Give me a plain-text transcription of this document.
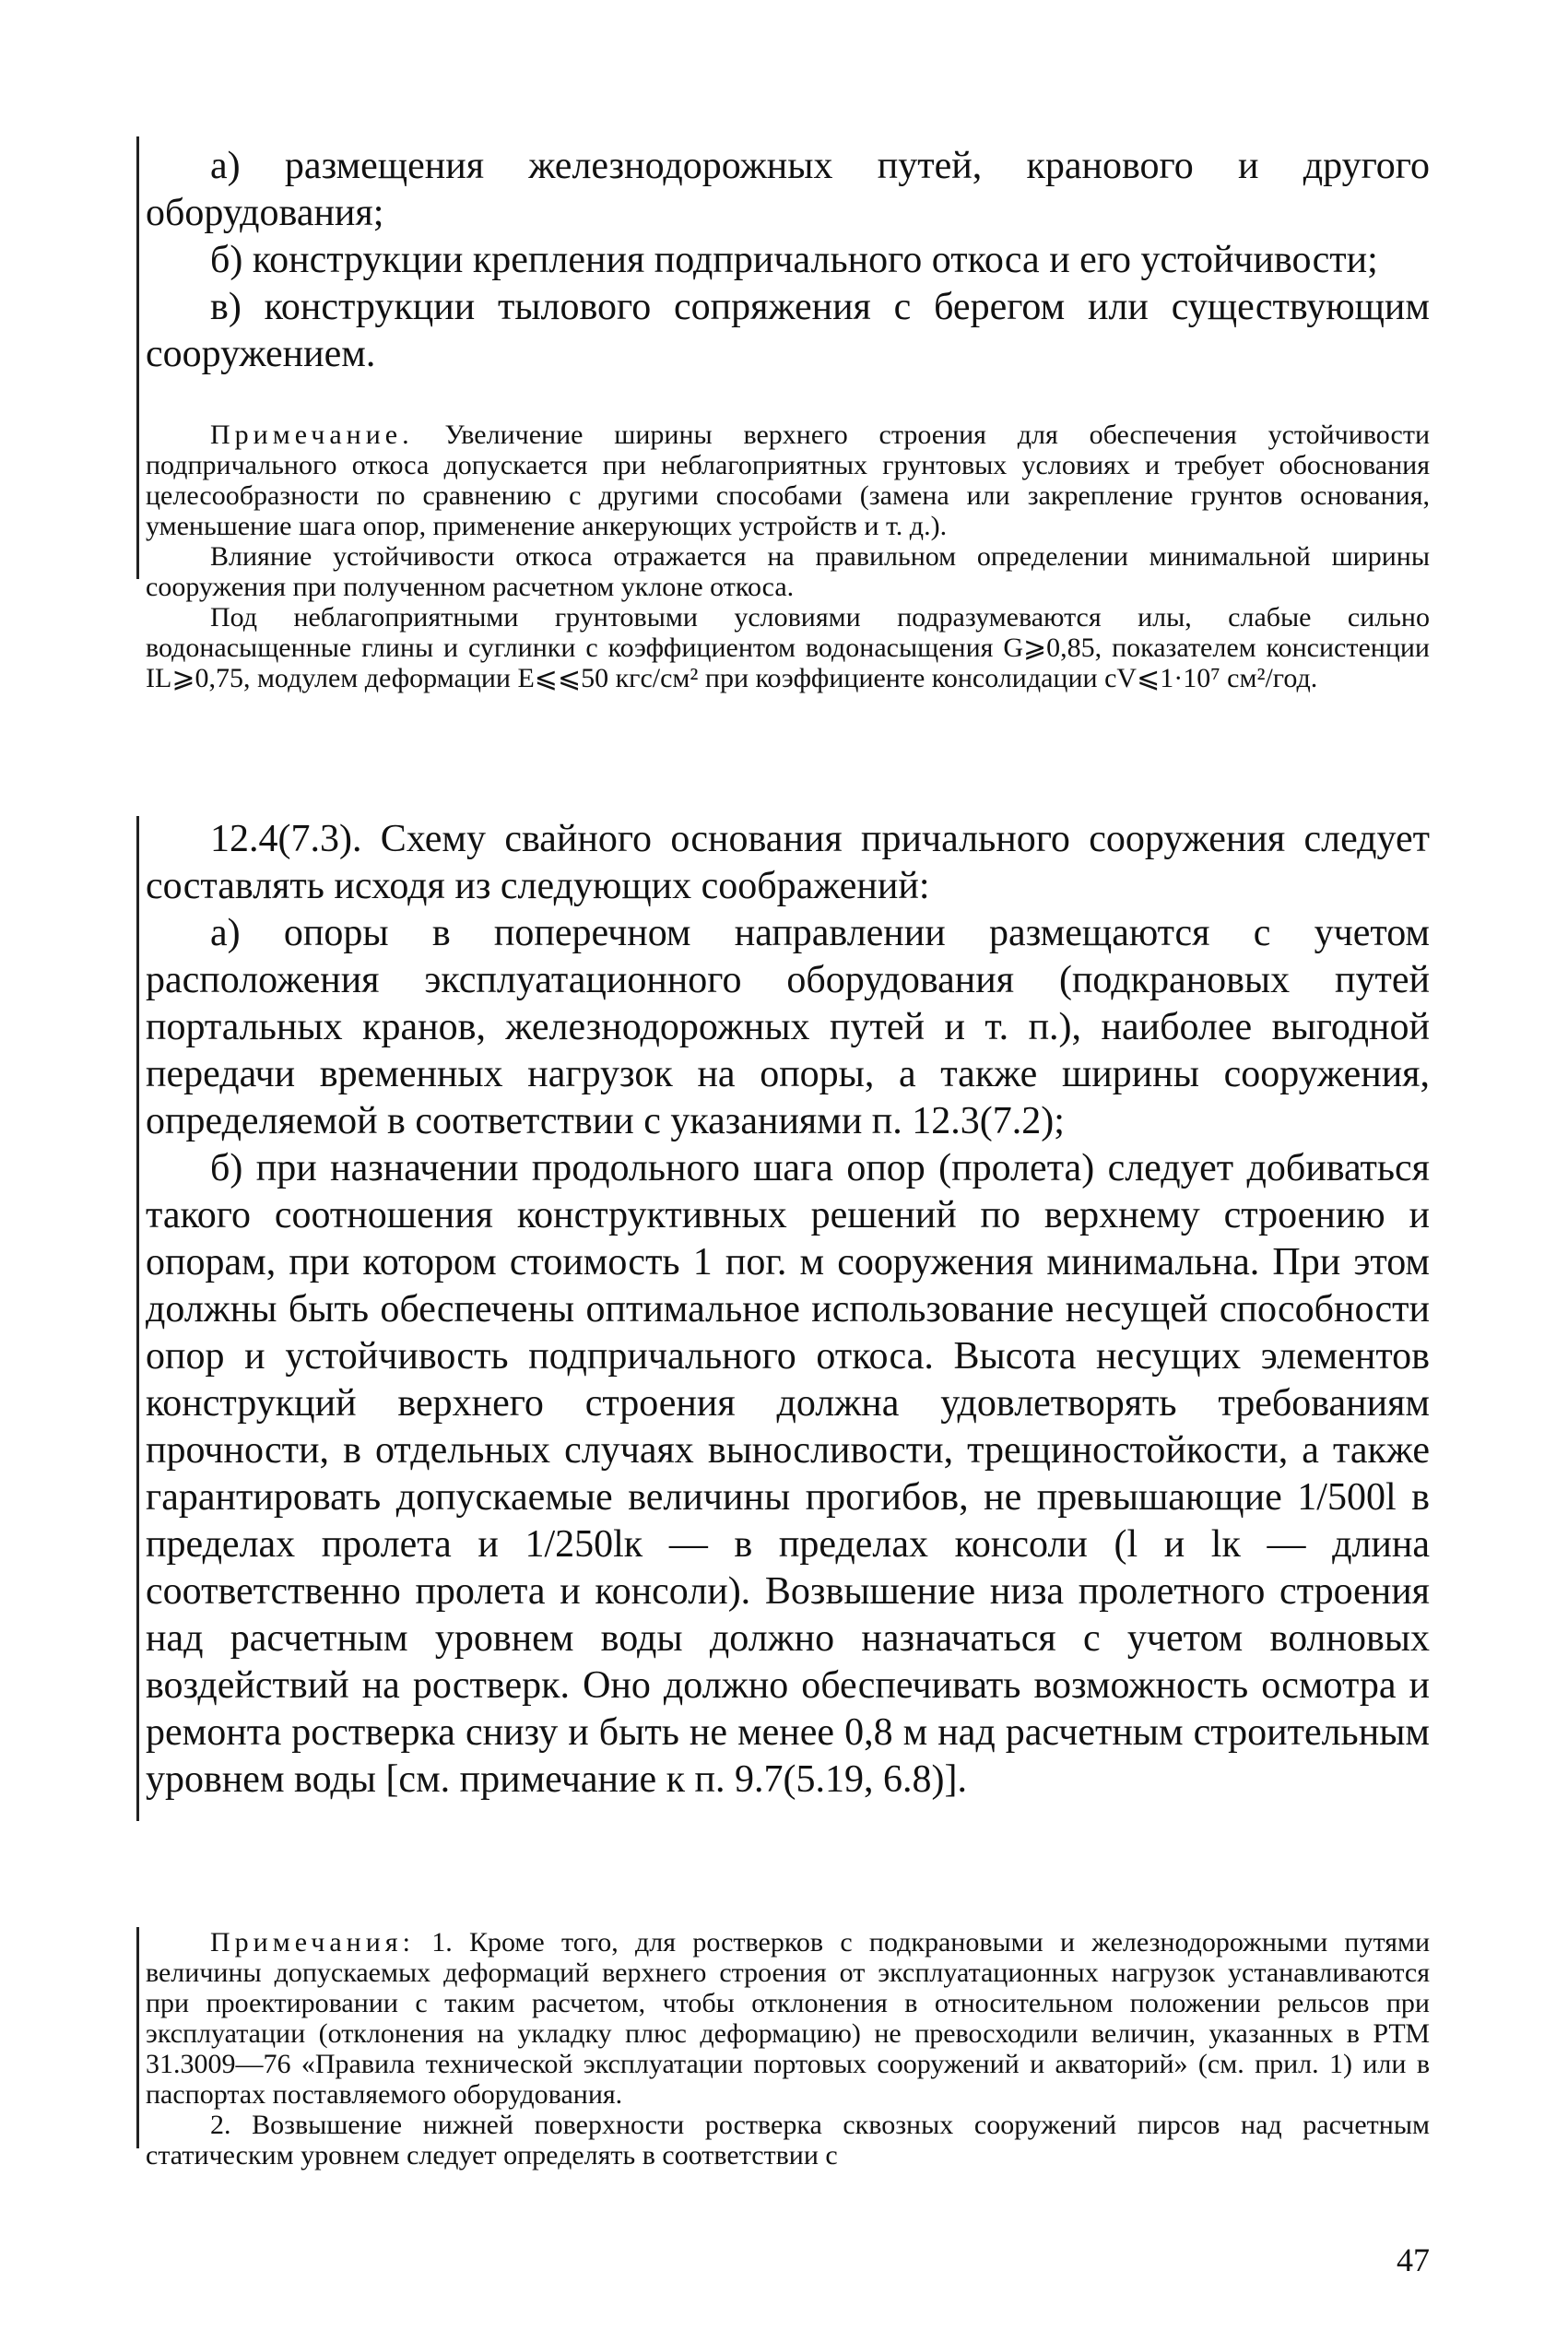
а) размещения железнодорожных путей, кранового и другого оборудования;

б) конструкции крепления подпричального откоса и его устойчивости;

в) конструкции тылового сопряжения с берегом или существующим сооружением.

Примечание. Увеличение ширины верхнего строения для обеспечения устойчивости подпричального откоса допускается при неблагоприятных грунтовых условиях и требует обоснования целесообразности по сравнению с другими способами (замена или закрепление грунтов основания, уменьшение шага опор, применение анкерующих устройств и т. д.).

Влияние устойчивости откоса отражается на правильном определении минимальной ширины сооружения при полученном расчетном уклоне откоса.

Под неблагоприятными грунтовыми условиями подразумеваются илы, слабые сильно водонасыщенные глины и суглинки с коэффициентом водонасыщения G⩾0,85, показателем консистенции IL⩾0,75, модулем деформации E⩽⩽50 кгс/см² при коэффициенте консолидации cV⩽1·10⁷ см²/год.

12.4(7.3). Схему свайного основания причального сооружения следует составлять исходя из следующих соображений:

а) опоры в поперечном направлении размещаются с учетом расположения эксплуатационного оборудования (подкрановых путей портальных кранов, железнодорожных путей и т. п.), наиболее выгодной передачи временных нагрузок на опоры, а также ширины сооружения, определяемой в соответствии с указаниями п. 12.3(7.2);

б) при назначении продольного шага опор (пролета) следует добиваться такого соотношения конструктивных решений по верхнему строению и опорам, при котором стоимость 1 пог. м сооружения минимальна. При этом должны быть обеспечены оптимальное использование несущей способности опор и устойчивость подпричального откоса. Высота несущих элементов конструкций верхнего строения должна удовлетворять требованиям прочности, в отдельных случаях выносливости, трещиностойкости, а также гарантировать допускаемые величины прогибов, не превышающие 1/500l в пределах пролета и 1/250lк — в пределах консоли (l и lк — длина соответственно пролета и консоли). Возвышение низа пролетного строения над расчетным уровнем воды должно назначаться с учетом волновых воздействий на ростверк. Оно должно обеспечивать возможность осмотра и ремонта ростверка снизу и быть не менее 0,8 м над расчетным строительным уровнем воды [см. примечание к п. 9.7(5.19, 6.8)].

Примечания: 1. Кроме того, для ростверков с подкрановыми и железнодорожными путями величины допускаемых деформаций верхнего строения от эксплуатационных нагрузок устанавливаются при проектировании с таким расчетом, чтобы отклонения в относительном положении рельсов при эксплуатации (отклонения на укладку плюс деформацию) не превосходили величин, указанных в РТМ 31.3009—76 «Правила технической эксплуатации портовых сооружений и акваторий» (см. прил. 1) или в паспортах поставляемого оборудования.

2. Возвышение нижней поверхности ростверка сквозных сооружений пирсов над расчетным статическим уровнем следует определять в соответствии с

47
